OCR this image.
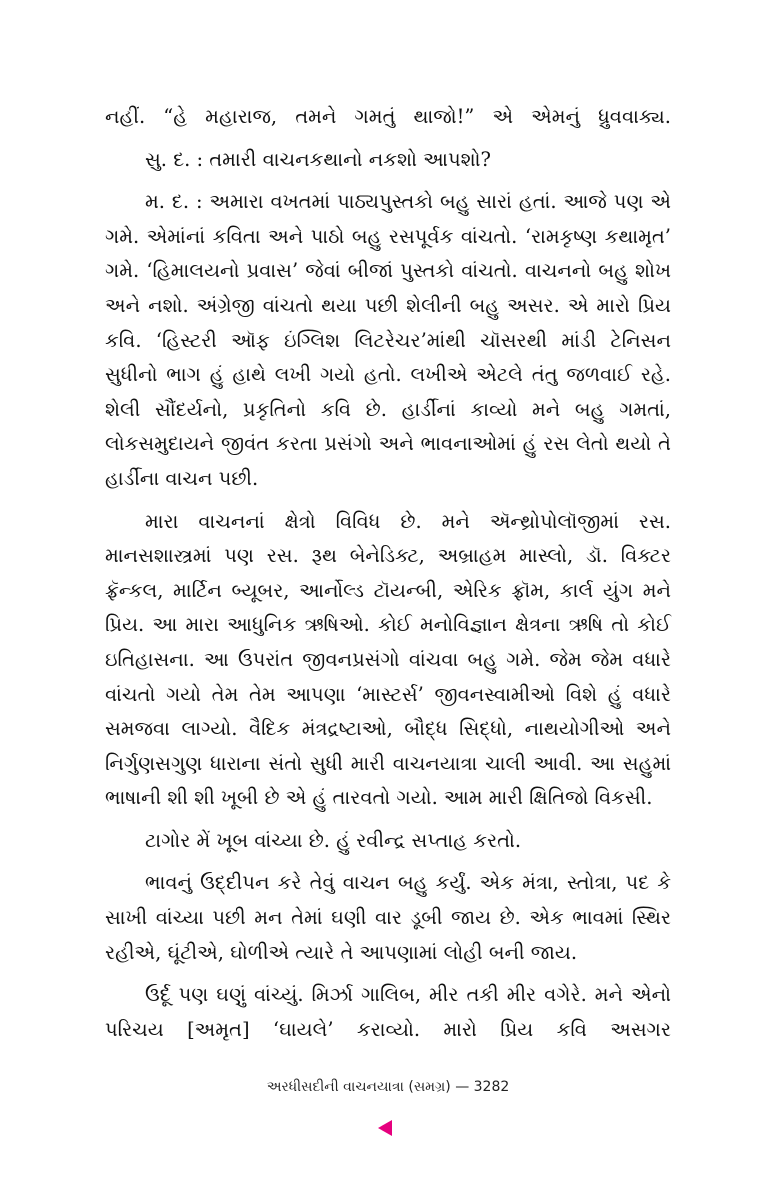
નહીં. “હે મહારાજ, તમને ગમતું થાજો!” એ એમનું ધ્રુવવાક્ય.

સુ. દ. : તમારી વાચનકથાનો નકશો આપશો?

મ. દ. : અમારા વખતમાં પાઠ્યપુસ્તકો બહુ સારાં હતાં. આજે પણ એ ગમે. એમાંનાં કવિતા અને પાઠો બહુ રસપૂર્વક વાંચતો. ‘રામકૃષ્ણ કથામૃત’ ગમે. ‘હિમાલયનો પ્રવાસ’ જેવાં બીજાં પુસ્તકો વાંચતો. વાચનનો બહુ શોખ અને નશો. અંગ્રેજી વાંચતો થયા પછી શેલીની બહુ અસર. એ મારો પ્રિય કવિ. ‘હિસ્ટરી ઑફ ઇંગ્લિશ લિટરેચર’માંથી ચૉસરથી માંડી ટેનિસન સુધીનો ભાગ હું હાથે લખી ગયો હતો. લખીએ એટલે તંતુ જળવાઈ રહે. શેલી સૌંદર્યનો, પ્રકૃતિનો કવિ છે. હાર્ડીનાં કાવ્યો મને બહુ ગમતાં, લોકસમુદાયને જીવંત કરતા પ્રસંગો અને ભાવનાઓમાં હું રસ લેતો થયો તે હાર્ડીના વાચન પછી.

મારા વાચનનાં ક્ષેત્રો વિવિધ છે. મને ઍન્થ્રોપોલૉજીમાં રસ. માનસશાસ્ત્રમાં પણ રસ. રૂથ બેનેડિક્ટ, અબ્રાહમ માસ્લો, ડૉ. વિક્ટર ફ્રૅન્કલ, માર્ટિન બ્યૂબર, આર્નોલ્ડ ટૉયન્બી, એરિક ફ્રૉમ, કાર્લ યુંગ મને પ્રિય. આ મારા આધુનિક ઋષિઓ. કોઈ મનોવિજ્ઞાન ક્ષેત્રના ઋષિ તો કોઈ ઇતિહાસના. આ ઉપરાંત જીવનપ્રસંગો વાંચવા બહુ ગમે. જેમ જેમ વધારે વાંચતો ગયો તેમ તેમ આપણા ‘માસ્ટર્સ’ જીવનસ્વામીઓ વિશે હું વધારે સમજવા લાગ્યો. વૈદિક મંત્રદ્રષ્ટાઓ, બૌદ્ધ સિદ્ધો, નાથયોગીઓ અને નિર્ગુણસગુણ ધારાના સંતો સુધી મારી વાચનયાત્રા ચાલી આવી. આ સહુમાં ભાષાની શી શી ખૂબી છે એ હું તારવતો ગયો. આમ મારી ક્ષિતિજો વિકસી.

ટાગોર મેં ખૂબ વાંચ્યા છે. હું રવીન્દ્ર સપ્તાહ કરતો.

ભાવનું ઉદ્દીપન કરે તેવું વાચન બહુ કર્યું. એક મંત્રા, સ્તોત્રા, પદ કે સાખી વાંચ્યા પછી મન તેમાં ઘણી વાર ડૂબી જાય છે. એક ભાવમાં સ્થિર રહીએ, ઘૂંટીએ, ઘોળીએ ત્યારે તે આપણામાં લોહી બની જાય.

ઉર્દૂ પણ ઘણું વાંચ્યું. મિર્ઝા ગાલિબ, મીર તકી મીર વગેરે. મને એનો પરિચય [અમૃત] ‘ઘાયલે’ કરાવ્યો. મારો પ્રિય કવિ અસગર

અરધીસદીની વાચનયાત્રા (સમગ્ર) — 3282
